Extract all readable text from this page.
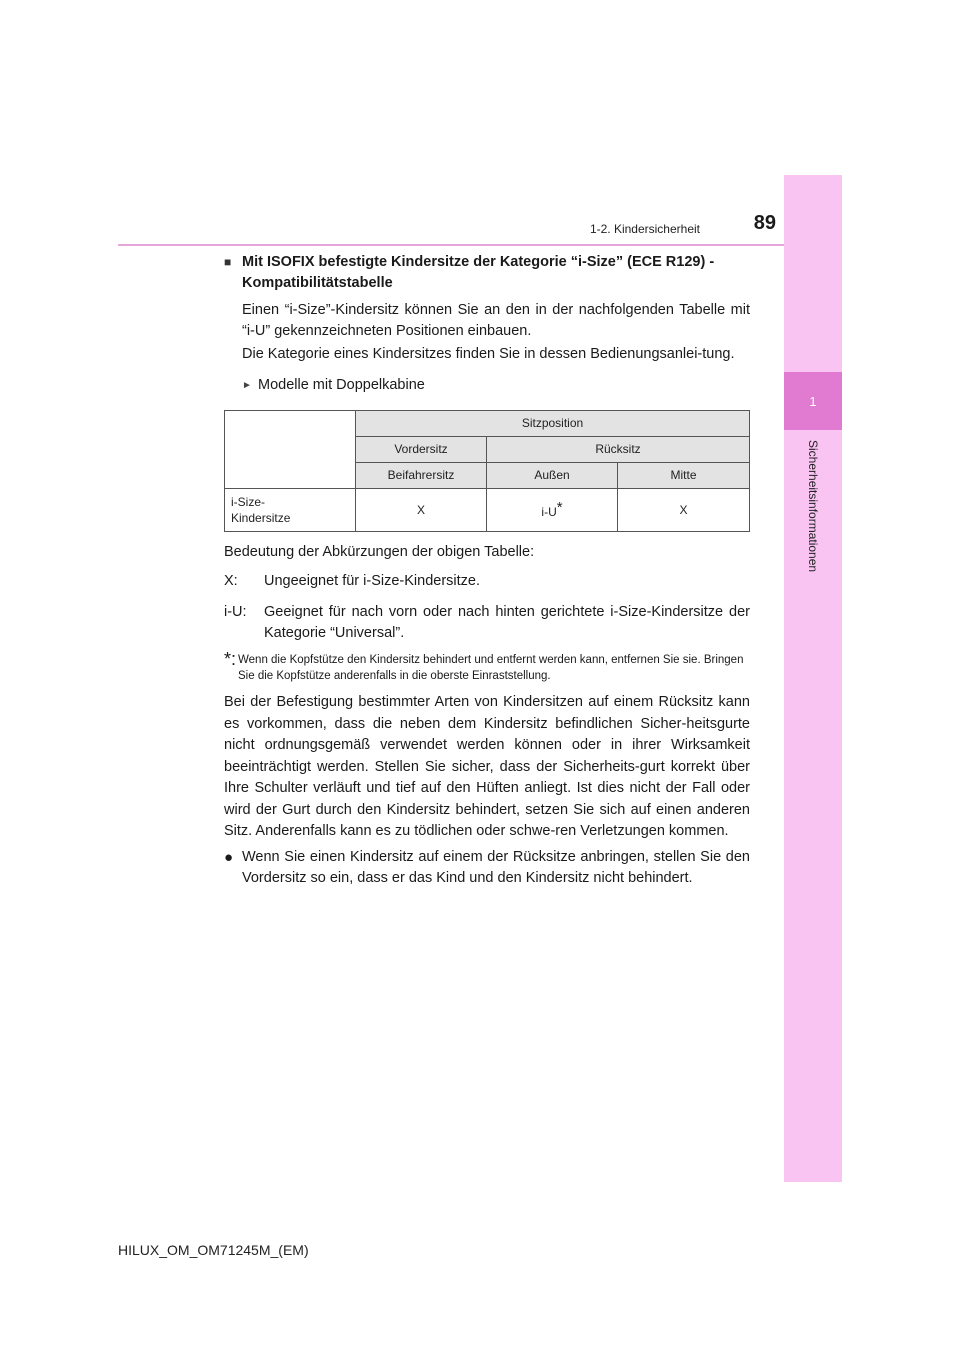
1
Sicherheitsinformationen
1-2. Kindersicherheit	89
■ Mit ISOFIX befestigte Kindersitze der Kategorie “i-Size” (ECE R129) - Kompatibilitätstabelle

Einen “i-Size”-Kindersitz können Sie an den in der nachfolgenden Tabelle mit “i-U” gekennzeichneten Positionen einbauen.

Die Kategorie eines Kindersitzes finden Sie in dessen Bedienungsanlei-tung.

► Modelle mit Doppelkabine
	Sitzposition		
	Vordersitz	Rücksitz	
	Beifahrersitz	Außen	Mitte
i-Size-
Kindersitze	X	i-U*	X
Bedeutung der Abkürzungen der obigen Tabelle:
X:	Ungeeignet für i-Size-Kindersitze.
i-U:	Geeignet für nach vorn oder nach hinten gerichtete i-Size-Kindersitze der Kategorie “Universal”.
*: Wenn die Kopfstütze den Kindersitz behindert und entfernt werden kann, entfernen Sie sie. Bringen Sie die Kopfstütze anderenfalls in die oberste Einraststellung.

Bei der Befestigung bestimmter Arten von Kindersitzen auf einem Rücksitz kann es vorkommen, dass die neben dem Kindersitz befindlichen Sicher-heitsgurte nicht ordnungsgemäß verwendet werden können oder in ihrer Wirksamkeit beeinträchtigt werden. Stellen Sie sicher, dass der Sicherheits-gurt korrekt über Ihre Schulter verläuft und tief auf den Hüften anliegt. Ist dies nicht der Fall oder wird der Gurt durch den Kindersitz behindert, setzen Sie sich auf einen anderen Sitz. Anderenfalls kann es zu tödlichen oder schwe-ren Verletzungen kommen.

● Wenn Sie einen Kindersitz auf einem der Rücksitze anbringen, stellen Sie den Vordersitz so ein, dass er das Kind und den Kindersitz nicht behindert.
HILUX_OM_OM71245M_(EM)
